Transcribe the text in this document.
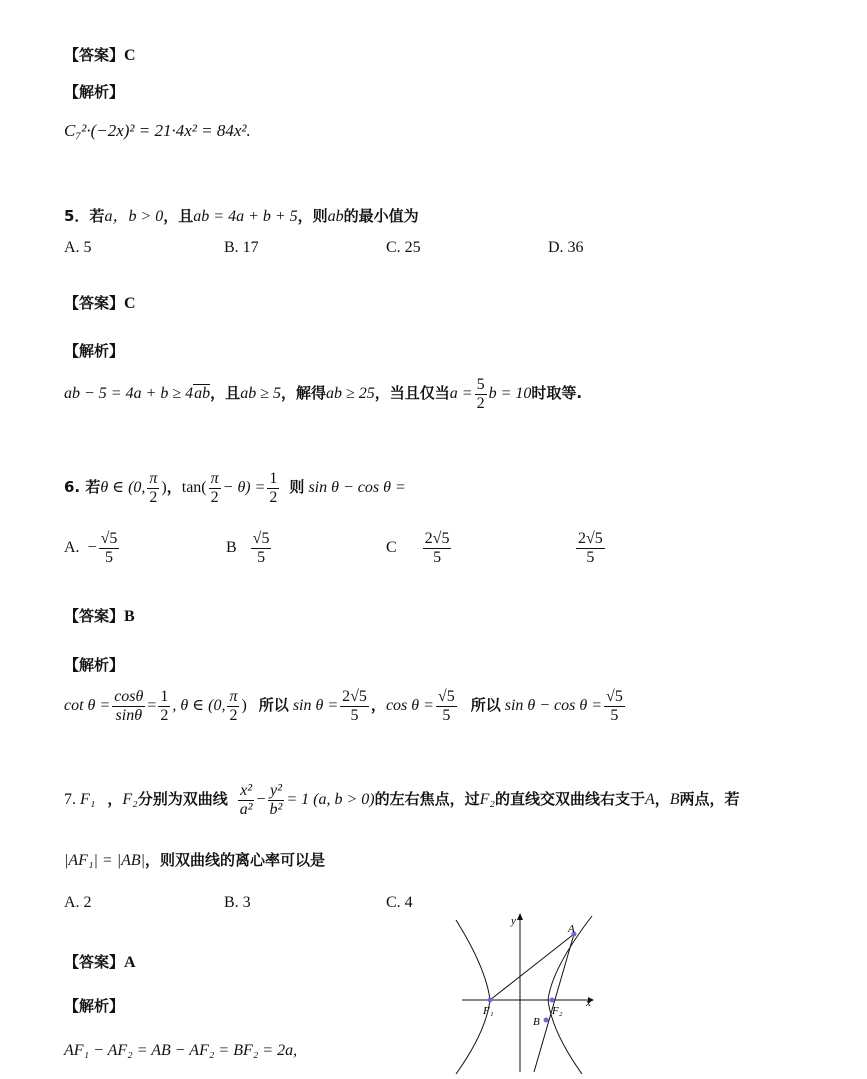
【答案】C
【解析】
C₇²·(−2x)² = 21·4x² = 84x².
5．若a，b > 0，且ab = 4a + b + 5，则ab的最小值为
A. 5	B. 17	C. 25	D. 36
【答案】C
【解析】
ab − 5 = 4a + b ≥ 4ab，且ab ≥ 5，解得ab ≥ 25，当且仅当$a = \frac{5}{2}$ b = 10时取等.
6. 若θ ∈ (0, $\frac{\pi}{2}$ )，$\tan( \frac{\pi}{2} - \theta) = \frac{1}{2}$ 则 sin θ − cos θ =
A. − $\frac{√5}{5}$	B $\frac{√5}{5}$	C $\frac{2√5}{5}$	$\frac{2√5}{5}$
【答案】B
【解析】
$\cot \theta = \frac{\cos\theta}{\sin\theta} = \frac{1}{2}$ , θ ∈ (0, $\frac{\pi}{2}$ ) 所以 $\sin \theta = \frac{2√5}{5}$ ，$\cos \theta = \frac{√5}{5}$ 所以 $\sin \theta - \cos \theta = \frac{√5}{5}$
7. F₁ ，F₂分别为双曲线 $\frac{\text{x²}}{\text{a²}} - \frac{\text{y²}}{\text{b²}} = 1$ (a, b > 0)的左右焦点，过F₂的直线交双曲线右支于A，B两点，若
|AF₁| = |AB|，则双曲线的离心率可以是
A. 2	B. 3	C. 4
【答案】A
【解析】
AF₁ − AF₂ = AB − AF₂ = BF₂ = 2a,
x
y
A
B
F₁	F₂
